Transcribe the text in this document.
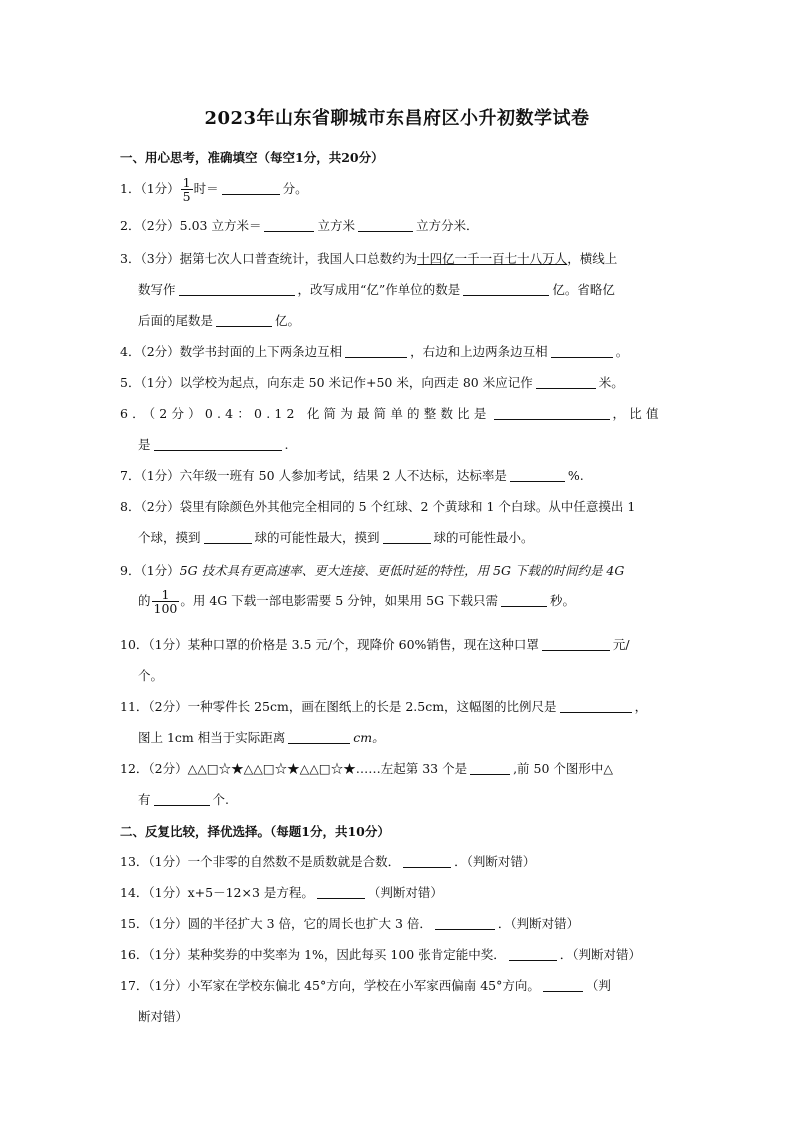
2023年山东省聊城市东昌府区小升初数学试卷
一、用心思考，准确填空（每空1分，共20分）
1．（1分） $\frac{1}{5}$ 时＝	分。
2．（2分）5.03 立方米＝	立方米	立方分米．
3．（3分）据第七次人口普查统计，我国人口总数约为十四亿一千一百七十八万人，横线上
数写作	，改写成用“亿”作单位的数是	亿。省略亿
后面的尾数是	亿。
4．（2分）数学书封面的上下两条边互相	，右边和上边两条边互相	。
5．（1分）以学校为起点，向东走 50 米记作+50 米，向西走 80 米应记作	米。
6．（2分）0.4：0.12 化简为最简单的整数比是	，比值
是	.
7．（1分）六年级一班有 50 人参加考试，结果 2 人不达标，达标率是	%.
8．（2分）袋里有除颜色外其他完全相同的 5 个红球、2 个黄球和 1 个白球。从中任意摸出 1
个球，摸到	球的可能性最大，摸到	球的可能性最小。
9．（1分）5G 技术具有更高速率、更大连接、更低时延的特性，用 5G 下载的时间约是 4G
的 $\frac{1}{100}$ 。用 4G 下载一部电影需要 5 分钟，如果用 5G 下载只需	秒。
10．（1分）某种口罩的价格是 3.5 元/个，现降价 60%销售，现在这种口罩	元/
个。
11．（2分）一种零件长 25cm，画在图纸上的长是 2.5cm，这幅图的比例尺是	，
图上 1cm 相当于实际距离	cm。
12．（2分）△△□☆★△△□☆★△△□☆★……左起第 33 个是	,前 50 个图形中△
有	个.
二、反复比较，择优选择。（每题1分，共10分）
13．（1分）一个非零的自然数不是质数就是合数．	．（判断对错）
14．（1分）x+5－12×3 是方程。	（判断对错）
15．（1分）圆的半径扩大 3 倍，它的周长也扩大 3 倍．	．（判断对错）
16．（1分）某种奖券的中奖率为 1%，因此每买 100 张肯定能中奖．	．（判断对错）
17．（1分）小军家在学校东偏北 45°方向，学校在小军家西偏南 45°方向。	（判
断对错）
